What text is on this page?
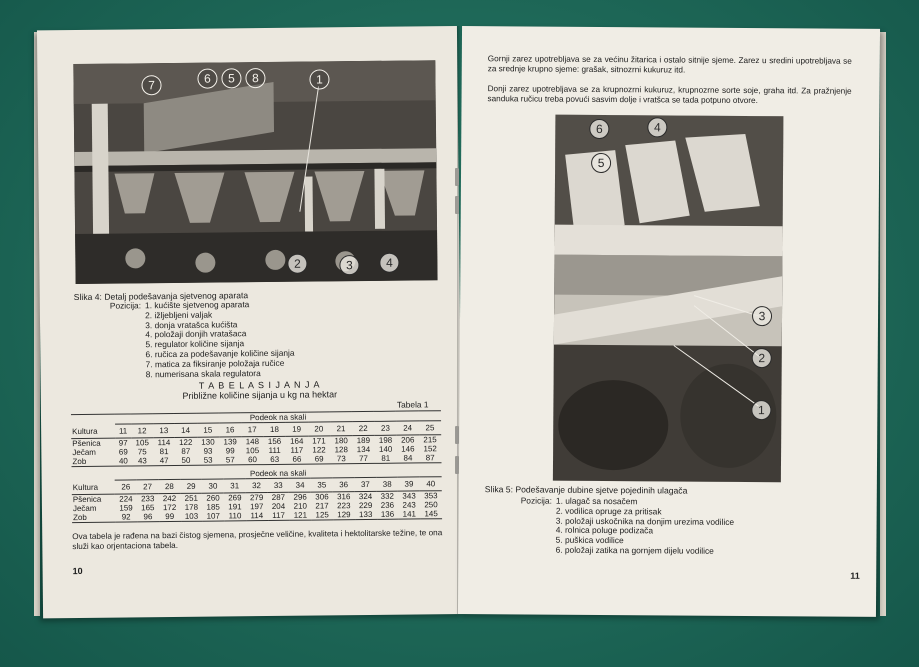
7	6	5	8	1
2	3	4
Slika 4: Detalj podešavanja sjetvenog aparata
Pozicija: 1. kućište sjetvenog aparata
2. ižljebljeni valjak
3. donja vratašca kućišta
4. položaji donjih vratašaca
5. regulator količine sijanja
6. ručica za podešavanje količine sijanja
7. matica za fiksiranje položaja ručice
8. numerisana skala regulatora
T A B E L A S I J A N J A
Približne količine sijanja u kg na hektar
Tabela 1
	Podeok na skali														
Kultura	11	12	13	14	15	16	17	18	19	20	21	22	23	24	25
Pšenica	97	105	114	122	130	139	148	156	164	171	180	189	198	206	215
Ječam	69	75	81	87	93	99	105	111	117	122	128	134	140	146	152
Zob	40	43	47	50	53	57	60	63	66	69	73	77	81	84	87
	Podeok na skali														
Kultura	26	27	28	29	30	31	32	33	34	35	36	37	38	39	40
Pšenica	224	233	242	251	260	269	279	287	296	306	316	324	332	343	353
Ječam	159	165	172	178	185	191	197	204	210	217	223	229	236	243	250
Zob	92	96	99	103	107	110	114	117	121	125	129	133	136	141	145
Ova tabela je rađena na bazi čistog sjemena, prosječne veličine, kvaliteta i hektolitarske težine, te ona služi kao orjentaciona tabela.
10
Gornji zarez upotrebljava se za većinu žitarica i ostalo sitnije sjeme. Zarez u sredini upotrebljava se za srednje krupno sjeme: grašak, sitnozrni kukuruz itd.
Donji zarez upotrebljava se za krupnozrni kukuruz, krupnozrne sorte soje, graha itd. Za pražnjenje sanduka ručicu treba povući sasvim dolje i vratšca se tada potpuno otvore.
6	4
5
3
2
1
Slika 5: Podešavanje dubine sjetve pojedinih ulagača
Pozicija: 1. ulagač sa nosačem
2. vodilica opruge za pritisak
3. položaji uskočnika na donjim urezima vodilice
4. rolnica poluge podizača
5. puškica vodilice
6. položaji zatika na gornjem dijelu vodilice
11
